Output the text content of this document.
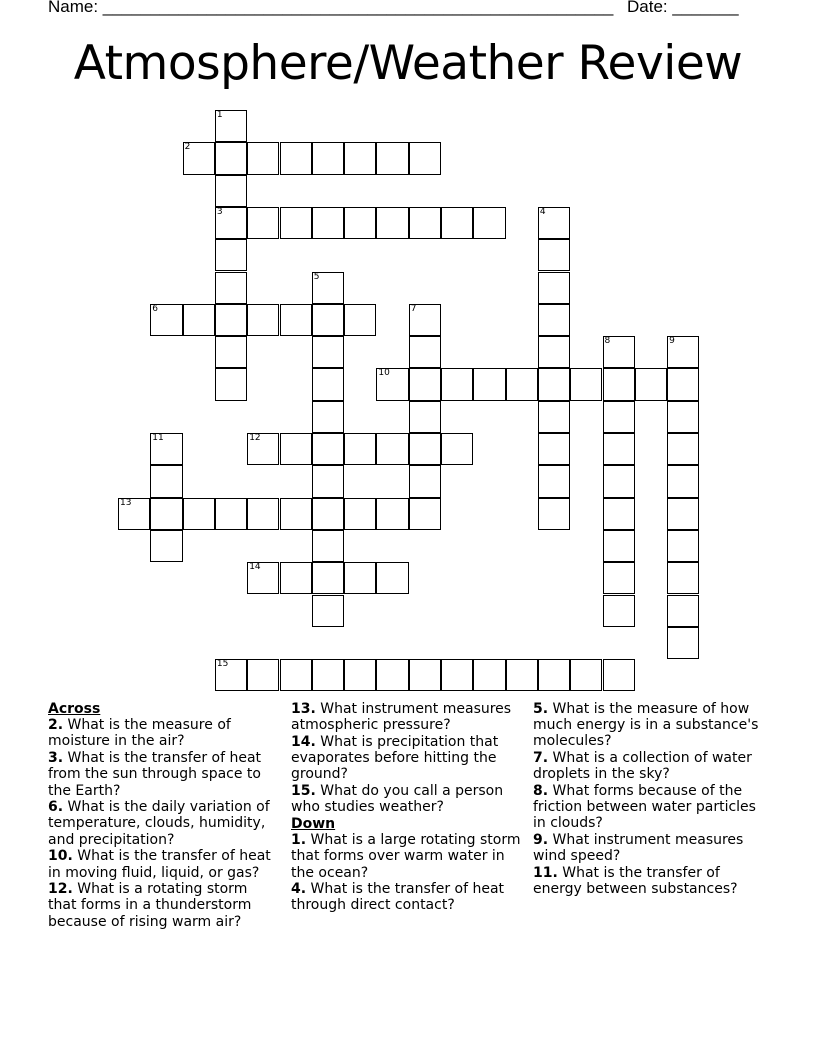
Name: ______________________________________________________ Date: _______
Atmosphere/Weather Review
1
3
2
4
5
6	7
8	9
10
11	12
13
14
15
Across

2. What is the measure of moisture in the air?

3. What is the transfer of heat from the sun through space to the Earth?

6. What is the daily variation of temperature, clouds, humidity, and precipitation?

10. What is the transfer of heat in moving fluid, liquid, or gas?

12. What is a rotating storm that forms in a thunderstorm because of rising warm air?

13. What instrument measures atmospheric pressure?

14. What is precipitation that evaporates before hitting the ground?

15. What do you call a person who studies weather?

Down

1. What is a large rotating storm that forms over warm water in the ocean?

4. What is the transfer of heat through direct contact?

5. What is the measure of how much energy is in a substance's molecules?

7. What is a collection of water droplets in the sky?

8. What forms because of the friction between water particles in clouds?

9. What instrument measures wind speed?

11. What is the transfer of energy between substances?
